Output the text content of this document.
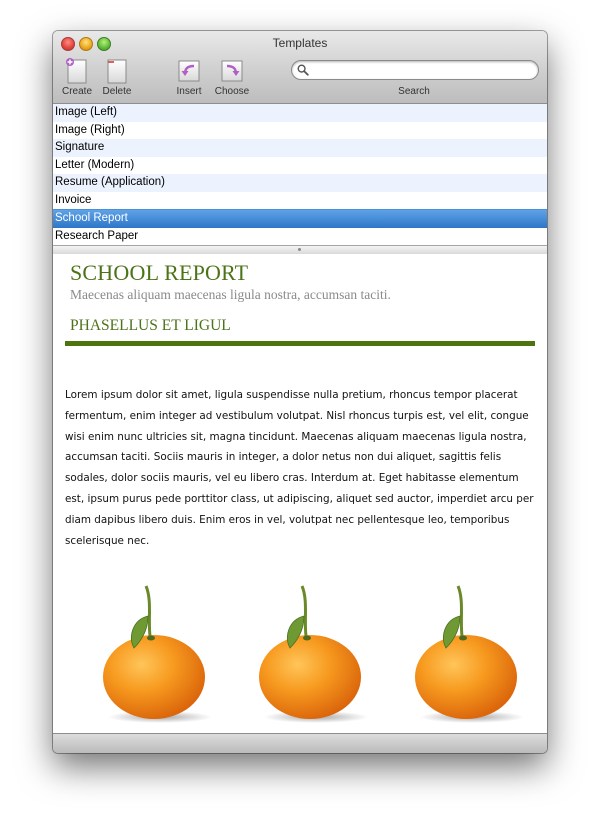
Templates
Create	Delete	Insert	Choose	Search
Image (Left)
Image (Right)
Signature
Letter (Modern)
Resume (Application)
Invoice
School Report
Research Paper
SCHOOL REPORT
Maecenas aliquam maecenas ligula nostra, accumsan taciti.
PHASELLUS ET LIGUL
Lorem ipsum dolor sit amet, ligula suspendisse nulla pretium, rhoncus tempor placerat fermentum, enim integer ad vestibulum volutpat. Nisl rhoncus turpis est, vel elit, congue wisi enim nunc ultricies sit, magna tincidunt. Maecenas aliquam maecenas ligula nostra, accumsan taciti. Sociis mauris in integer, a dolor netus non dui aliquet, sagittis felis sodales, dolor sociis mauris, vel eu libero cras. Interdum at. Eget habitasse elementum est, ipsum purus pede porttitor class, ut adipiscing, aliquet sed auctor, imperdiet arcu per diam dapibus libero duis. Enim eros in vel, volutpat nec pellentesque leo, temporibus scelerisque nec.
